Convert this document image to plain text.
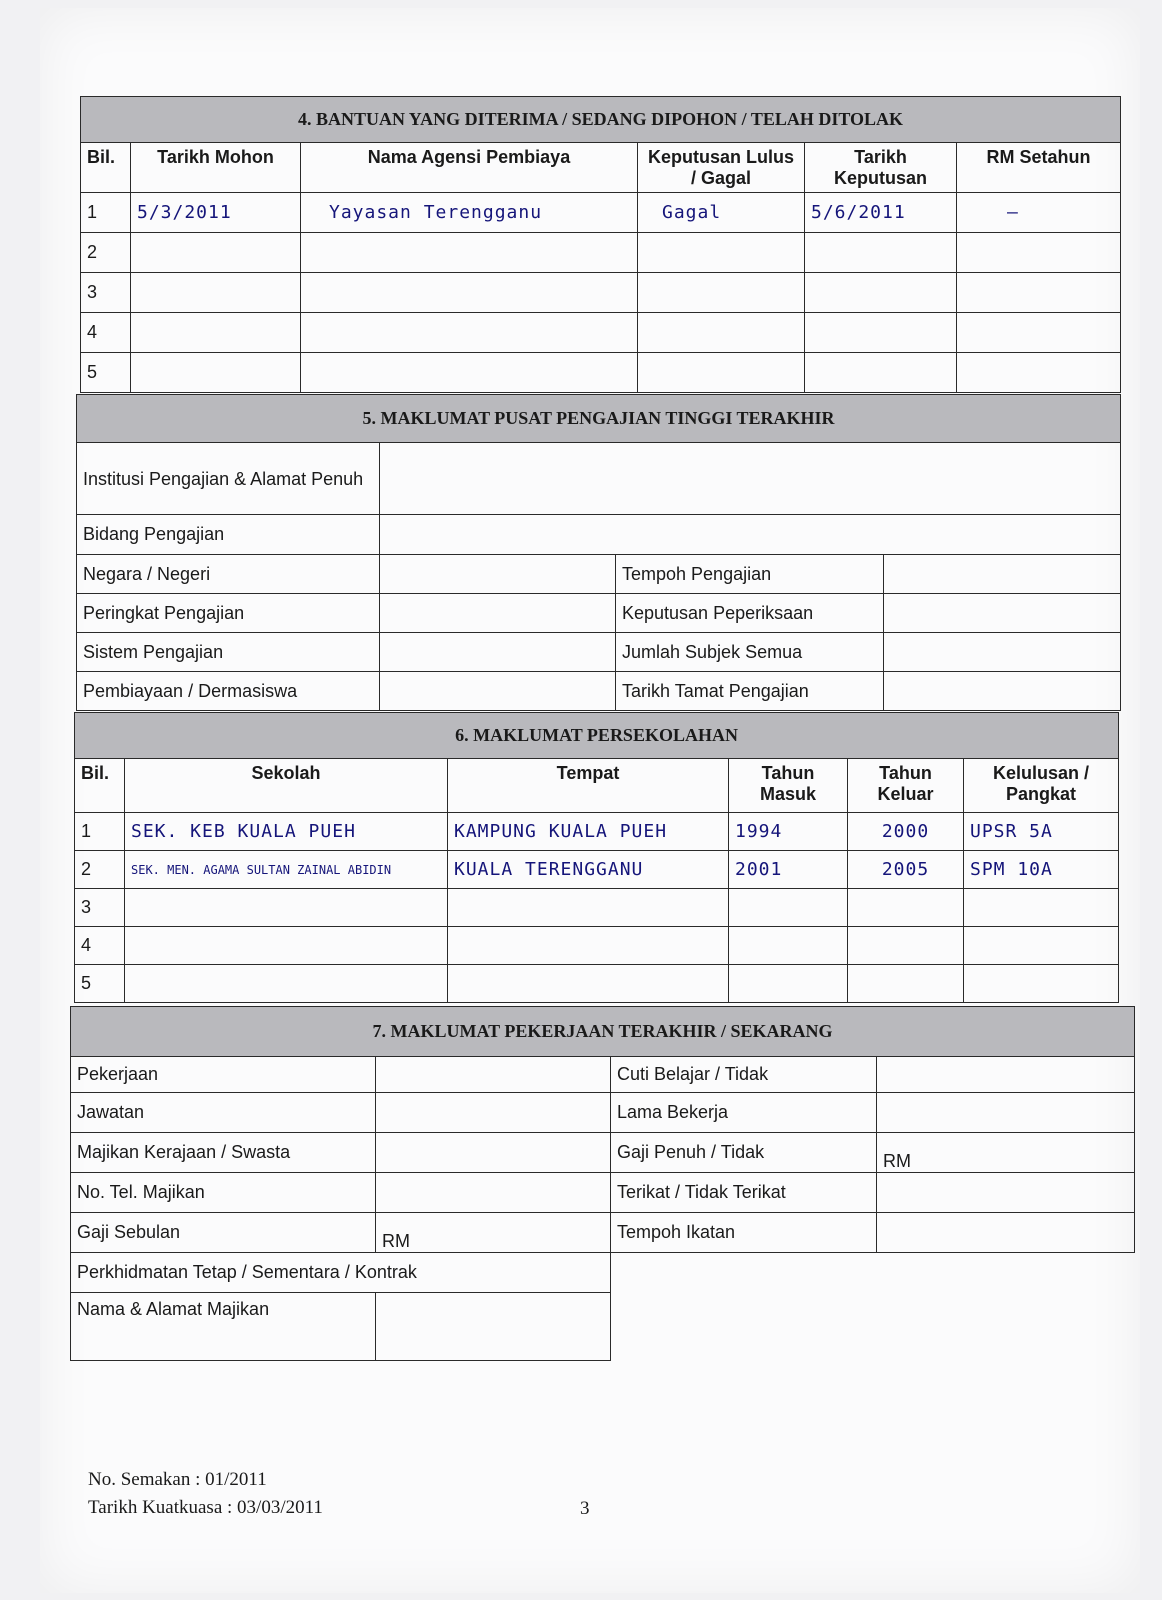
4. BANTUAN YANG DITERIMA / SEDANG DIPOHON / TELAH DITOLAK					
Bil.	Tarikh Mohon	Nama Agensi Pembiaya	Keputusan Lulus / Gagal	Tarikh Keputusan	RM Setahun
1	5/3/2011	Yayasan Terengganu	Gagal	5/6/2011	—
2					
3					
4					
5					
5. MAKLUMAT PUSAT PENGAJIAN TINGGI TERAKHIR			
Institusi Pengajian & Alamat Penuh			
Bidang Pengajian			
Negara / Negeri		Tempoh Pengajian	
Peringkat Pengajian		Keputusan Peperiksaan	
Sistem Pengajian		Jumlah Subjek Semua	
Pembiayaan / Dermasiswa		Tarikh Tamat Pengajian	
6. MAKLUMAT PERSEKOLAHAN					
Bil.	Sekolah	Tempat	Tahun Masuk	Tahun Keluar	Kelulusan / Pangkat
1	SEK. KEB KUALA PUEH	KAMPUNG KUALA PUEH	1994	2000	UPSR 5A
2	SEK. MEN. AGAMA SULTAN ZAINAL ABIDIN	KUALA TERENGGANU	2001	2005	SPM 10A
3					
4					
5					
7. MAKLUMAT PEKERJAAN TERAKHIR / SEKARANG			
Pekerjaan		Cuti Belajar / Tidak	
Jawatan		Lama Bekerja	
Majikan Kerajaan / Swasta		Gaji Penuh / Tidak	RM
No. Tel. Majikan		Terikat / Tidak Terikat	
Gaji Sebulan	RM	Tempoh Ikatan	
Perkhidmatan Tetap / Sementara / Kontrak			
Nama & Alamat Majikan			
No. Semakan : 01/2011
Tarikh Kuatkuasa : 03/03/2011	3
